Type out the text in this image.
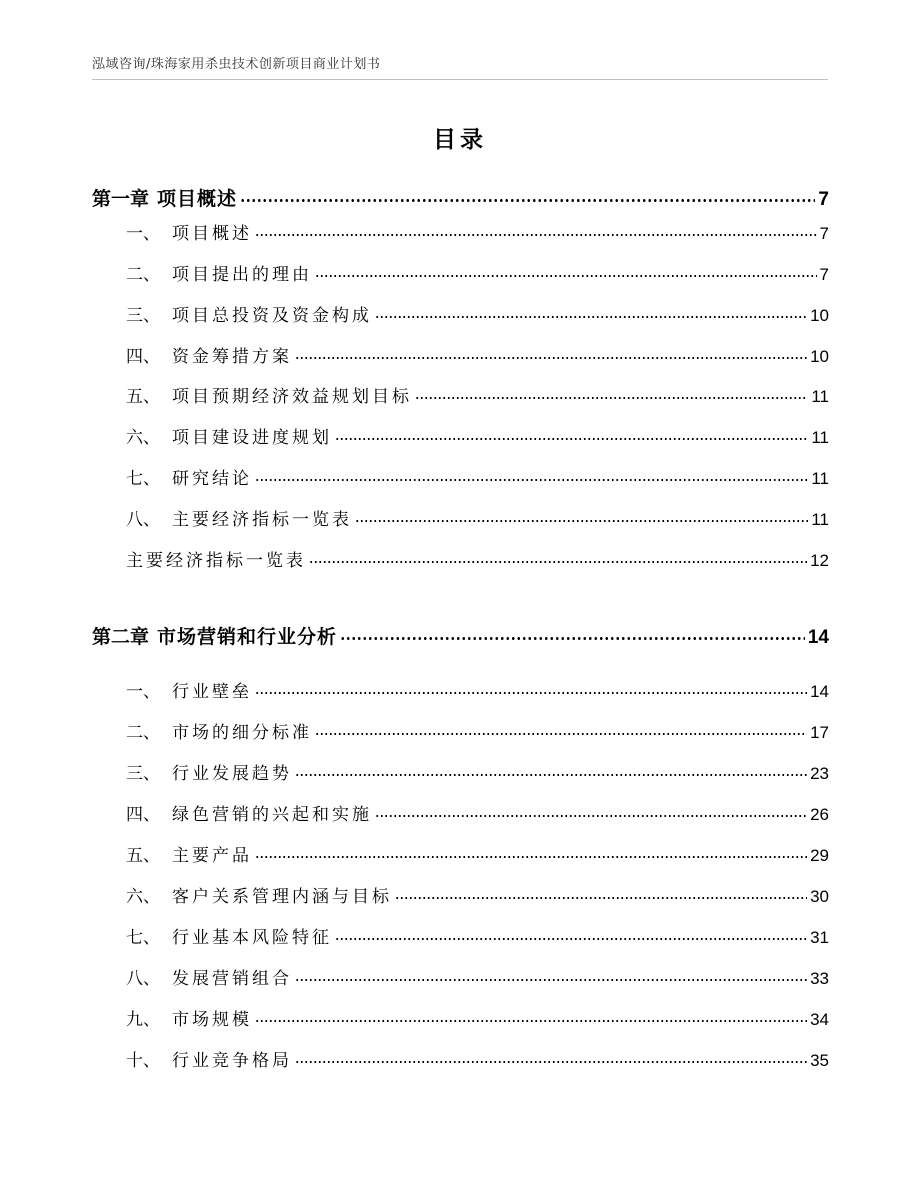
泓域咨询/珠海家用杀虫技术创新项目商业计划书
目录
第一章 项目概述	7
一、 项目概述	7
二、 项目提出的理由	7
三、 项目总投资及资金构成	10
四、 资金筹措方案	10
五、 项目预期经济效益规划目标	11
六、 项目建设进度规划	11
七、 研究结论	11
八、 主要经济指标一览表	11
主要经济指标一览表	12
第二章 市场营销和行业分析	14
一、 行业壁垒	14
二、 市场的细分标准	17
三、 行业发展趋势	23
四、 绿色营销的兴起和实施	26
五、 主要产品	29
六、 客户关系管理内涵与目标	30
七、 行业基本风险特征	31
八、 发展营销组合	33
九、 市场规模	34
十、 行业竞争格局	35
